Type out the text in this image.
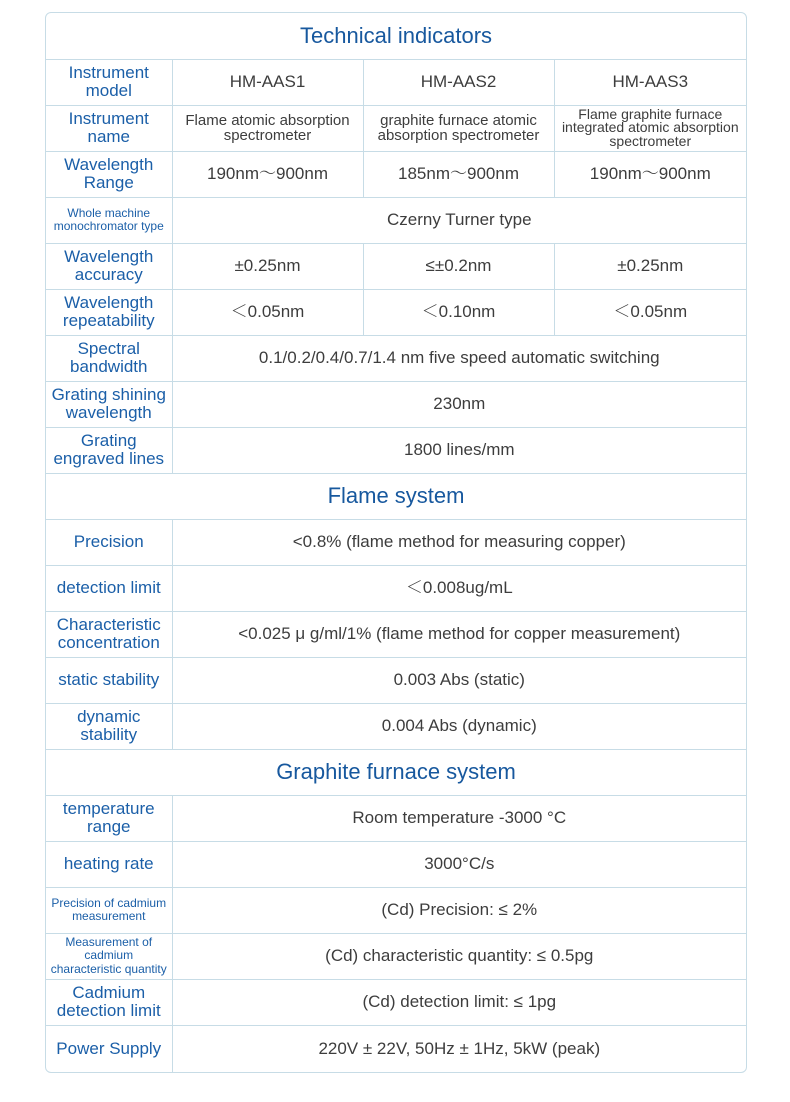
Technical indicators			
Instrument model	HM-AAS1	HM-AAS2	HM-AAS3
Instrument name	Flame atomic absorption spectrometer	graphite furnace atomic absorption spectrometer	Flame graphite furnace integrated atomic absorption spectrometer
Wavelength Range	190nm～900nm	185nm～900nm	190nm～900nm
Whole machine monochromator type	Czerny Turner type		
Wavelength accuracy	±0.25nm	≤±0.2nm	±0.25nm
Wavelength repeatability	＜0.05nm	＜0.10nm	＜0.05nm
Spectral bandwidth	0.1/0.2/0.4/0.7/1.4 nm five speed automatic switching		
Grating shining wavelength	230nm		
Grating engraved lines	1800 lines/mm		
Flame system			
Precision	<0.8% (flame method for measuring copper)		
detection limit	＜0.008ug/mL		
Characteristic concentration	<0.025 μ g/ml/1% (flame method for copper measurement)		
static stability	0.003 Abs (static)		
dynamic stability	0.004 Abs (dynamic)		
Graphite furnace system			
temperature range	Room temperature -3000 °C		
heating rate	3000°C/s		
Precision of cadmium measurement	(Cd) Precision: ≤ 2%		
Measurement of cadmium characteristic quantity	(Cd) characteristic quantity: ≤ 0.5pg		
Cadmium detection limit	(Cd) detection limit: ≤ 1pg		
Power Supply	220V ± 22V, 50Hz ± 1Hz, 5kW (peak)		
